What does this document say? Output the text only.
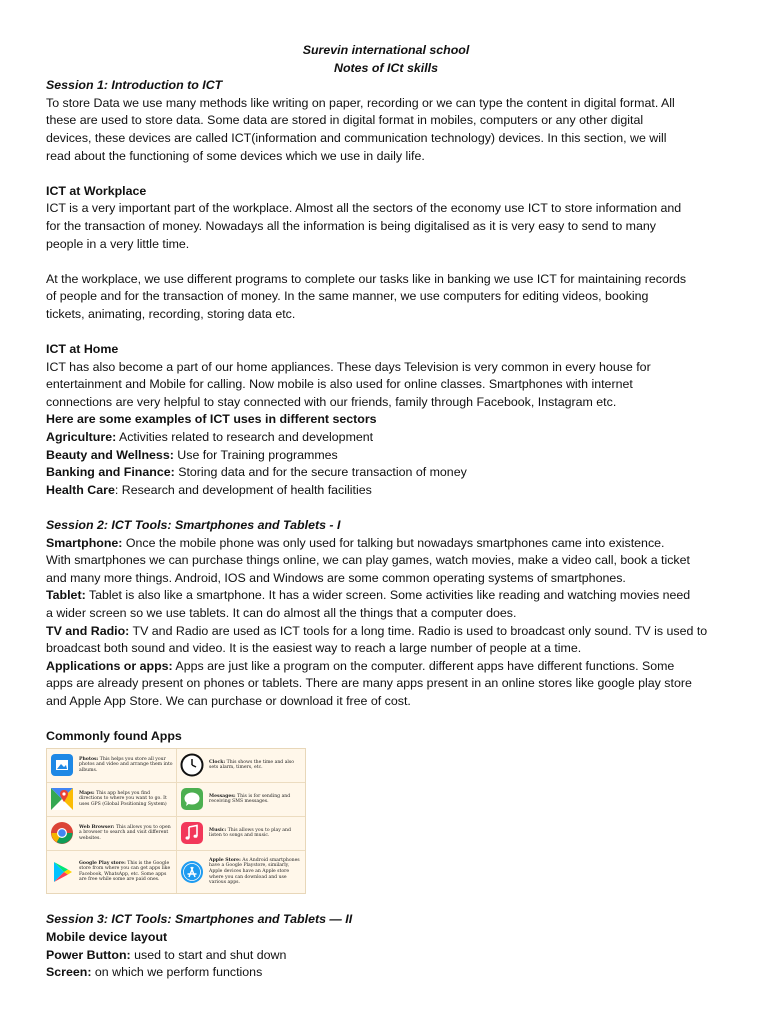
Surevin international school

Notes of ICt skills

Session 1: Introduction to ICT

To store Data we use many methods like writing on paper, recording or we can type the content in digital format. All

these are used to store data. Some data are stored in digital format in mobiles, computers or any other digital

devices, these devices are called ICT(information and communication technology) devices. In this section, we will

read about the functioning of some devices which we use in daily life.

ICT at Workplace

ICT is a very important part of the workplace. Almost all the sectors of the economy use ICT to store information and

for the transaction of money. Nowadays all the information is being digitalised as it is very easy to send to many

people in a very little time.

At the workplace, we use different programs to complete our tasks like in banking we use ICT for maintaining records

of people and for the transaction of money. In the same manner, we use computers for editing videos, booking

tickets, animating, recording, storing data etc.

ICT at Home

ICT has also become a part of our home appliances. These days Television is very common in every house for

entertainment and Mobile for calling. Now mobile is also used for online classes. Smartphones with internet

connections are very helpful to stay connected with our friends, family through Facebook, Instagram etc.

Here are some examples of ICT uses in different sectors

Agriculture: Activities related to research and development

Beauty and Wellness: Use for Training programmes

Banking and Finance: Storing data and for the secure transaction of money

Health Care: Research and development of health facilities

Session 2: ICT Tools: Smartphones and Tablets - I

Smartphone: Once the mobile phone was only used for talking but nowadays smartphones came into existence.

With smartphones we can purchase things online, we can play games, watch movies, make a video call, book a ticket

and many more things. Android, IOS and Windows are some common operating systems of smartphones.

Tablet: Tablet is also like a smartphone. It has a wider screen. Some activities like reading and watching movies need

a wider screen so we use tablets. It can do almost all the things that a computer does.

TV and Radio: TV and Radio are used as ICT tools for a long time. Radio is used to broadcast only sound. TV is used to

broadcast both sound and video. It is the easiest way to reach a large number of people at a time.

Applications or apps: Apps are just like a program on the computer. different apps have different functions. Some

apps are already present on phones or tablets. There are many apps present in an online stores like google play store

and Apple App Store. We can purchase or download it free of cost.

Commonly found Apps

Photos: This helps you store all your photos and video and arrange them into albums.
Clock: This shows the time and also sets alarm, timers, etc.
Maps: This app helps you find directions to where you want to go. It uses GPS (Global Positioning System)
Messages: This is for sending and receiving SMS messages.
Web Browser: This allows you to open a browser to search and visit different websites.
Music: This allows you to play and listen to songs and music.
Google Play store: This is the Google store from where you can get apps like Facebook, WhatsApp, etc. Some apps are free while some are paid ones.
Apple Store: As Android smartphones have a Google Playstore, similarly, Apple devices have an Apple store where you can download and use various apps.

Session 3: ICT Tools: Smartphones and Tablets — II

Mobile device layout

Power Button: used to start and shut down

Screen: on which we perform functions
